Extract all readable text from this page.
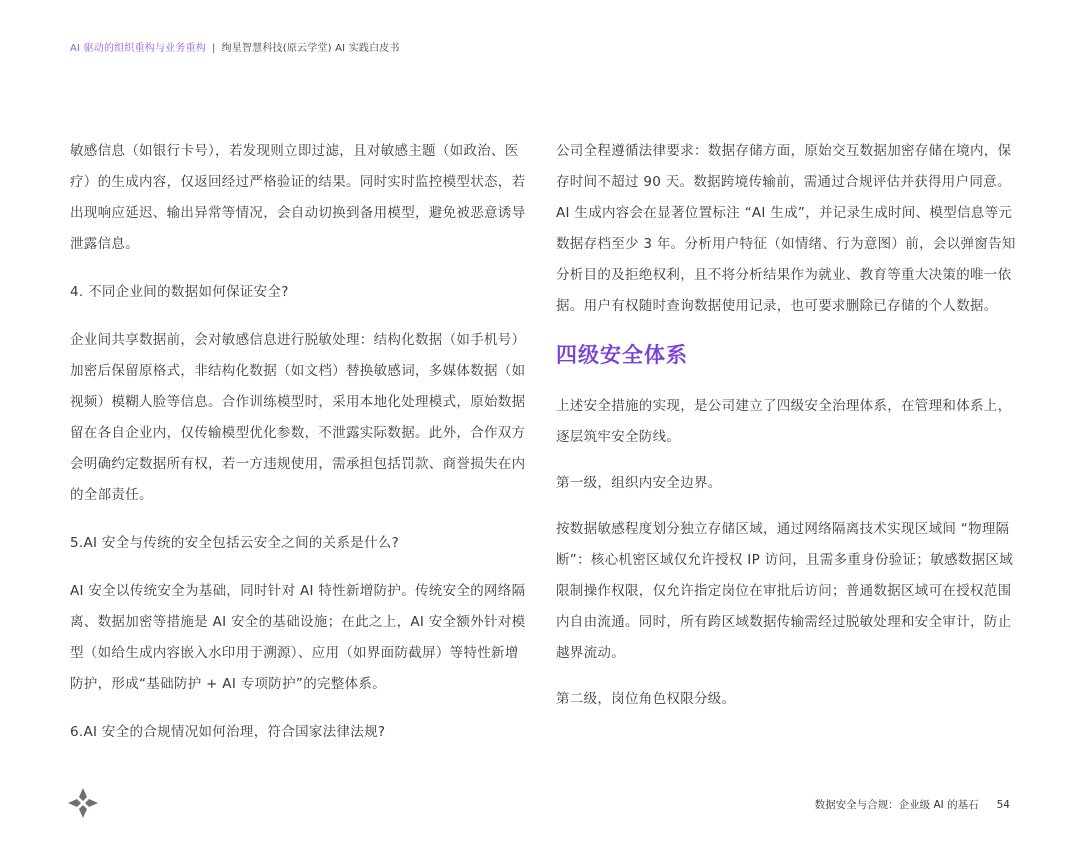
AI 驱动的组织重构与业务重构 | 绚星智慧科技(原云学堂) AI 实践白皮书

敏感信息（如银行卡号），若发现则立即过滤，且对敏感主题（如政治、医疗）的生成内容，仅返回经过严格验证的结果。同时实时监控模型状态，若出现响应延迟、输出异常等情况，会自动切换到备用模型，避免被恶意诱导泄露信息。

4. 不同企业间的数据如何保证安全?

企业间共享数据前，会对敏感信息进行脱敏处理：结构化数据（如手机号）加密后保留原格式，非结构化数据（如文档）替换敏感词，多媒体数据（如视频）模糊人脸等信息。合作训练模型时，采用本地化处理模式，原始数据留在各自企业内，仅传输模型优化参数，不泄露实际数据。此外，合作双方会明确约定数据所有权，若一方违规使用，需承担包括罚款、商誉损失在内的全部责任。

5.AI 安全与传统的安全包括云安全之间的关系是什么?

AI 安全以传统安全为基础，同时针对 AI 特性新增防护。传统安全的网络隔离、数据加密等措施是 AI 安全的基础设施；在此之上，AI 安全额外针对模型（如给生成内容嵌入水印用于溯源）、应用（如界面防截屏）等特性新增防护，形成“基础防护 + AI 专项防护”的完整体系。

6.AI 安全的合规情况如何治理，符合国家法律法规?

公司全程遵循法律要求：数据存储方面，原始交互数据加密存储在境内，保存时间不超过 90 天。数据跨境传输前，需通过合规评估并获得用户同意。AI 生成内容会在显著位置标注 “AI 生成”，并记录生成时间、模型信息等元数据存档至少 3 年。分析用户特征（如情绪、行为意图）前，会以弹窗告知分析目的及拒绝权利，且不将分析结果作为就业、教育等重大决策的唯一依据。用户有权随时查询数据使用记录，也可要求删除已存储的个人数据。

四级安全体系

上述安全措施的实现，是公司建立了四级安全治理体系，在管理和体系上，逐层筑牢安全防线。

第一级，组织内安全边界。

按数据敏感程度划分独立存储区域，通过网络隔离技术实现区域间 “物理隔断”：核心机密区域仅允许授权 IP 访问，且需多重身份验证；敏感数据区域限制操作权限，仅允许指定岗位在审批后访问；普通数据区域可在授权范围内自由流通。同时，所有跨区域数据传输需经过脱敏处理和安全审计，防止越界流动。

第二级，岗位角色权限分级。

数据安全与合规：企业级 AI 的基石 54
